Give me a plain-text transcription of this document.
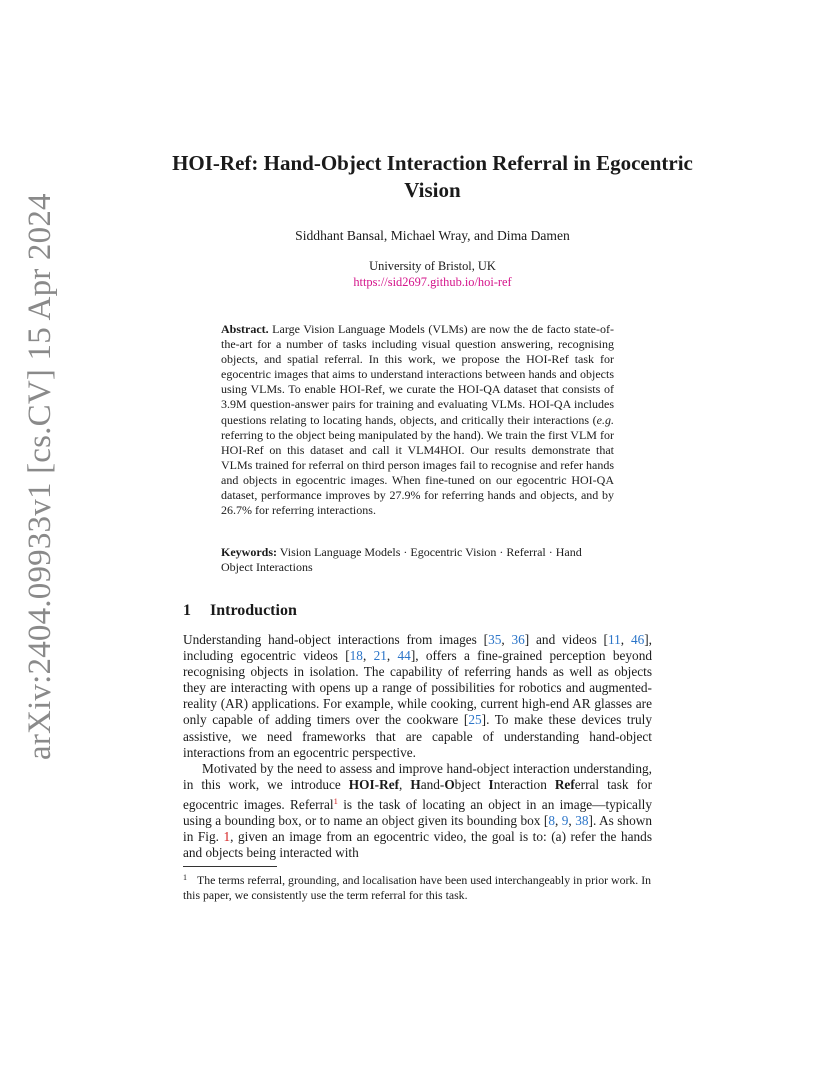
arXiv:2404.09933v1 [cs.CV] 15 Apr 2024
HOI-Ref: Hand-Object Interaction Referral in Egocentric Vision
Siddhant Bansal, Michael Wray, and Dima Damen
University of Bristol, UK
https://sid2697.github.io/hoi-ref
Abstract. Large Vision Language Models (VLMs) are now the de facto state-of-the-art for a number of tasks including visual question answering, recognising objects, and spatial referral. In this work, we propose the HOI-Ref task for egocentric images that aims to understand interactions between hands and objects using VLMs. To enable HOI-Ref, we curate the HOI-QA dataset that consists of 3.9M question-answer pairs for training and evaluating VLMs. HOI-QA includes questions relating to locating hands, objects, and critically their interactions (e.g. referring to the object being manipulated by the hand). We train the first VLM for HOI-Ref on this dataset and call it VLM4HOI. Our results demonstrate that VLMs trained for referral on third person images fail to recognise and refer hands and objects in egocentric images. When fine-tuned on our egocentric HOI-QA dataset, performance improves by 27.9% for referring hands and objects, and by 26.7% for referring interactions.
Keywords: Vision Language Models · Egocentric Vision · Referral · Hand Object Interactions
1 Introduction

Understanding hand-object interactions from images [35, 36] and videos [11, 46], including egocentric videos [18, 21, 44], offers a fine-grained perception beyond recognising objects in isolation. The capability of referring hands as well as objects they are interacting with opens up a range of possibilities for robotics and augmented-reality (AR) applications. For example, while cooking, current high-end AR glasses are only capable of adding timers over the cookware [25]. To make these devices truly assistive, we need frameworks that are capable of understanding hand-object interactions from an egocentric perspective.

Motivated by the need to assess and improve hand-object interaction understanding, in this work, we introduce HOI-Ref, Hand-Object Interaction Referral task for egocentric images. Referral$^1$ is the task of locating an object in an image—typically using a bounding box, or to name an object given its bounding box [8, 9, 38]. As shown in Fig. 1, given an image from an egocentric video, the goal is to: (a) refer the hands and objects being interacted with

1 The terms referral, grounding, and localisation have been used interchangeably in prior work. In this paper, we consistently use the term referral for this task.
